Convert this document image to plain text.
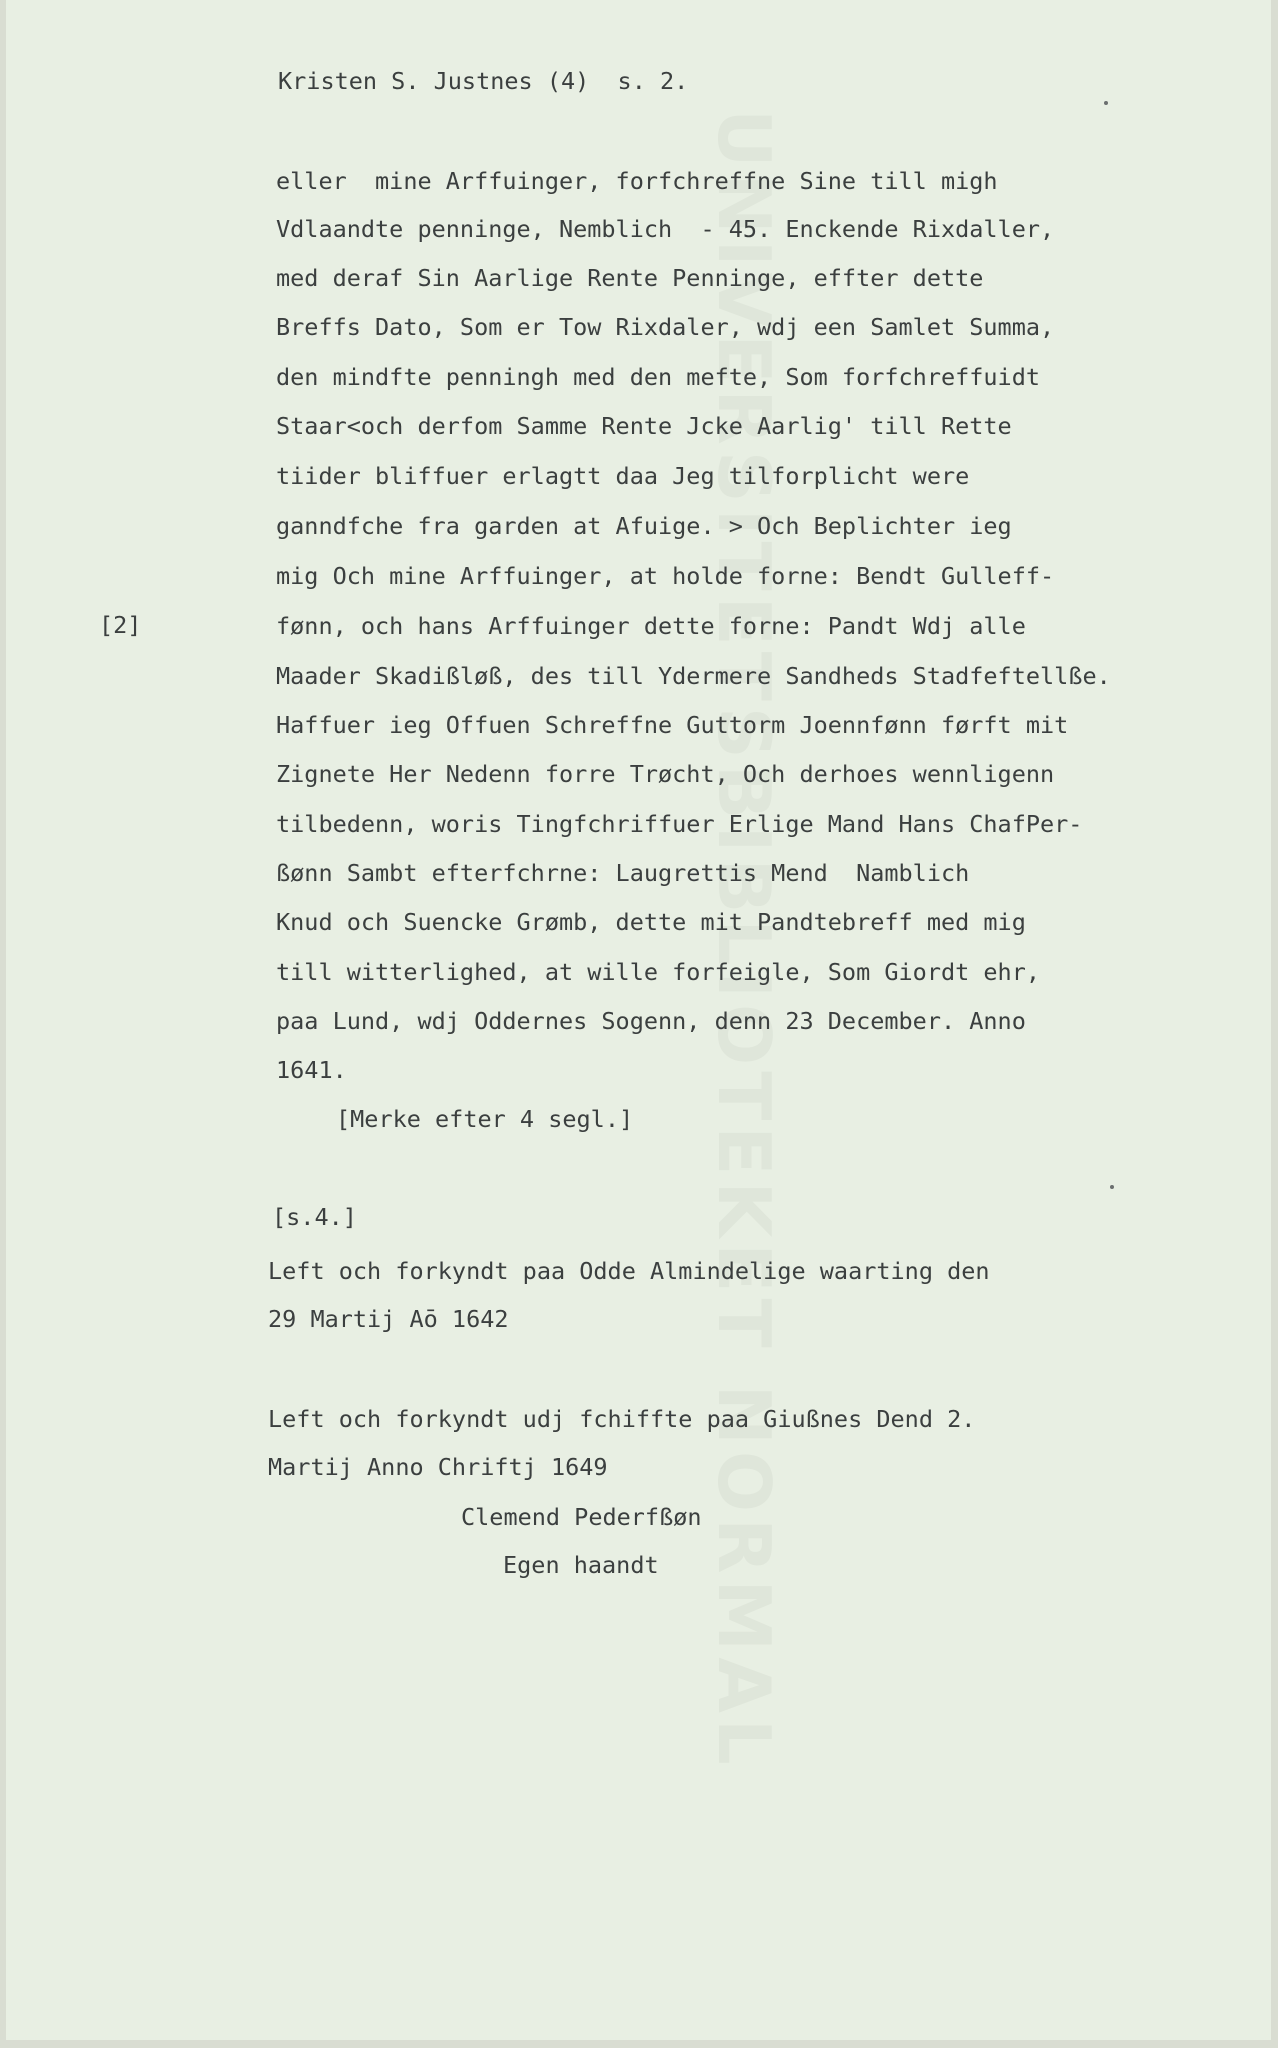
UNIVERSITETSBIBLIOTEKET NORMAL
Kristen S. Justnes (4)  s. 2.
[2]
eller  mine Arffuinger, forfchreffne Sine till migh
Vdlaandte penninge, Nemblich  - 45. Enckende Rixdaller,
med deraf Sin Aarlige Rente Penninge, effter dette
Breffs Dato, Som er Tow Rixdaler, wdj een Samlet Summa,
den mindfte penningh med den mefte, Som forfchreffuidt
Staar<och derfom Samme Rente Jcke Aarlig' till Rette
tiider bliffuer erlagtt daa Jeg tilforplicht were
ganndfche fra garden at Afuige. > Och Beplichter ieg
mig Och mine Arffuinger, at holde forne: Bendt Gulleff-
fønn, och hans Arffuinger dette forne: Pandt Wdj alle
Maader Skadißløß, des till Ydermere Sandheds Stadfeftellße.
Haffuer ieg Offuen Schreffne Guttorm Joennfønn førft mit
Zignete Her Nedenn forre Trøcht, Och derhoes wennligenn
tilbedenn, woris Tingfchriffuer Erlige Mand Hans ChafPer-
ßønn Sambt efterfchrne: Laugrettis Mend  Namblich
Knud och Suencke Grømb, dette mit Pandtebreff med mig
till witterlighed, at wille forfeigle, Som Giordt ehr,
paa Lund, wdj Oddernes Sogenn, denn 23 December. Anno
1641.
[Merke efter 4 segl.]
[s.4.]
Left och forkyndt paa Odde Almindelige waarting den
29 Martij Aō 1642
Left och forkyndt udj fchiffte paa Giußnes Dend 2.
Martij Anno Chriftj 1649
Clemend Pederfßøn
Egen haandt
